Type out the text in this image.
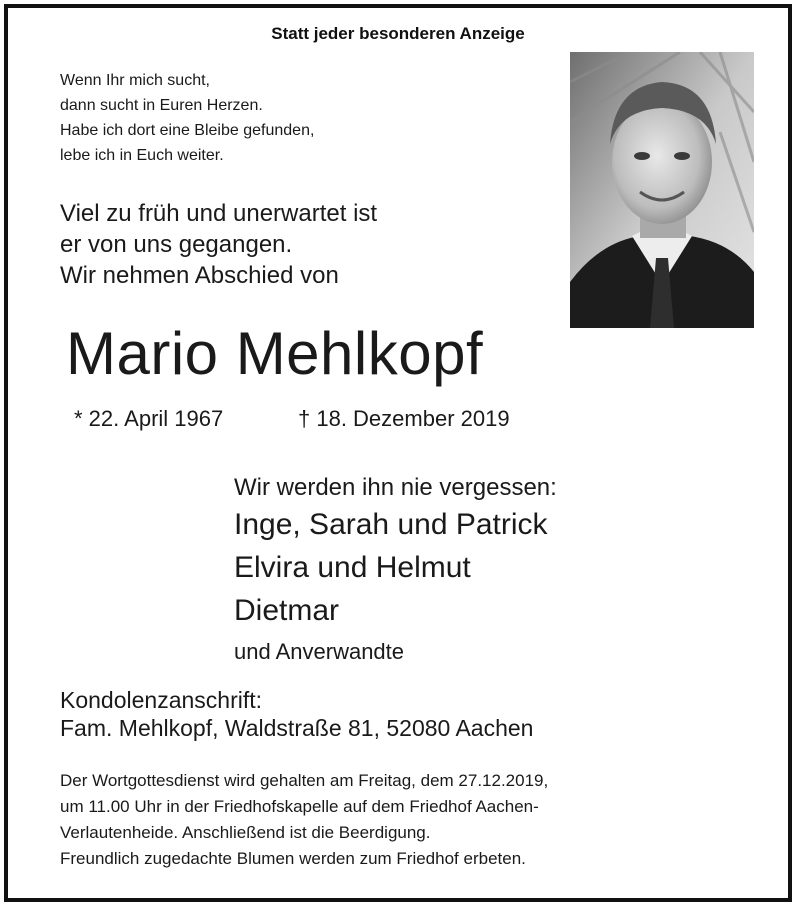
Statt jeder besonderen Anzeige

Wenn Ihr mich sucht,
dann sucht in Euren Herzen.
Habe ich dort eine Bleibe gefunden,
lebe ich in Euch weiter.

Viel zu früh und unerwartet ist
er von uns gegangen.
Wir nehmen Abschied von

Mario Mehlkopf

* 22. April 1967	† 18. Dezember 2019

Wir werden ihn nie vergessen:

Inge, Sarah und Patrick

Elvira und Helmut

Dietmar

und Anverwandte

Kondolenzanschrift:

Fam. Mehlkopf, Waldstraße 81, 52080 Aachen

Der Wortgottesdienst wird gehalten am Freitag, dem 27.12.2019,
um 11.00 Uhr in der Friedhofskapelle auf dem Friedhof Aachen-
Verlautenheide. Anschließend ist die Beerdigung.
Freundlich zugedachte Blumen werden zum Friedhof erbeten.
